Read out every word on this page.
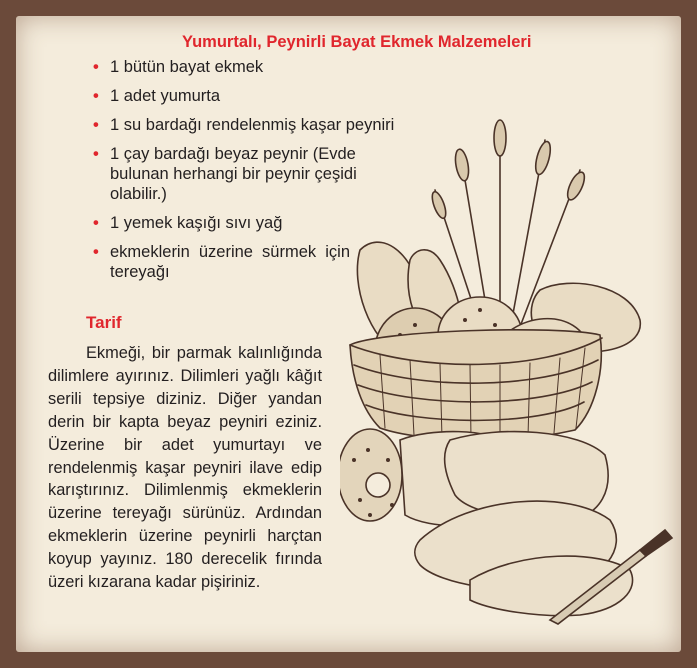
Yumurtalı, Peynirli Bayat Ekmek Malzemeleri
• 1 bütün bayat ekmek
• 1 adet yumurta
• 1 su bardağı rendelenmiş kaşar peyniri
• 1 çay bardağı beyaz peynir (Evde bulunan herhangi bir peynir çeşidi olabilir.)
• 1 yemek kaşığı sıvı yağ
• ekmeklerin üzerine sürmek için tereyağı
Tarif

Ekmeği, bir parmak kalınlığında dilimlere ayırınız. Dilimleri yağlı kâğıt serili tepsiye diziniz. Diğer yandan derin bir kapta beyaz peyniri eziniz. Üzerine bir adet yumurtayı ve rendelenmiş kaşar peyniri ilave edip karıştırınız. Dilimlenmiş ekmeklerin üzerine tereyağı sürünüz. Ardından ekmeklerin üzerine peynirli harçtan koyup yayınız. 180 derecelik fırında üzeri kızarana kadar pişiriniz.
